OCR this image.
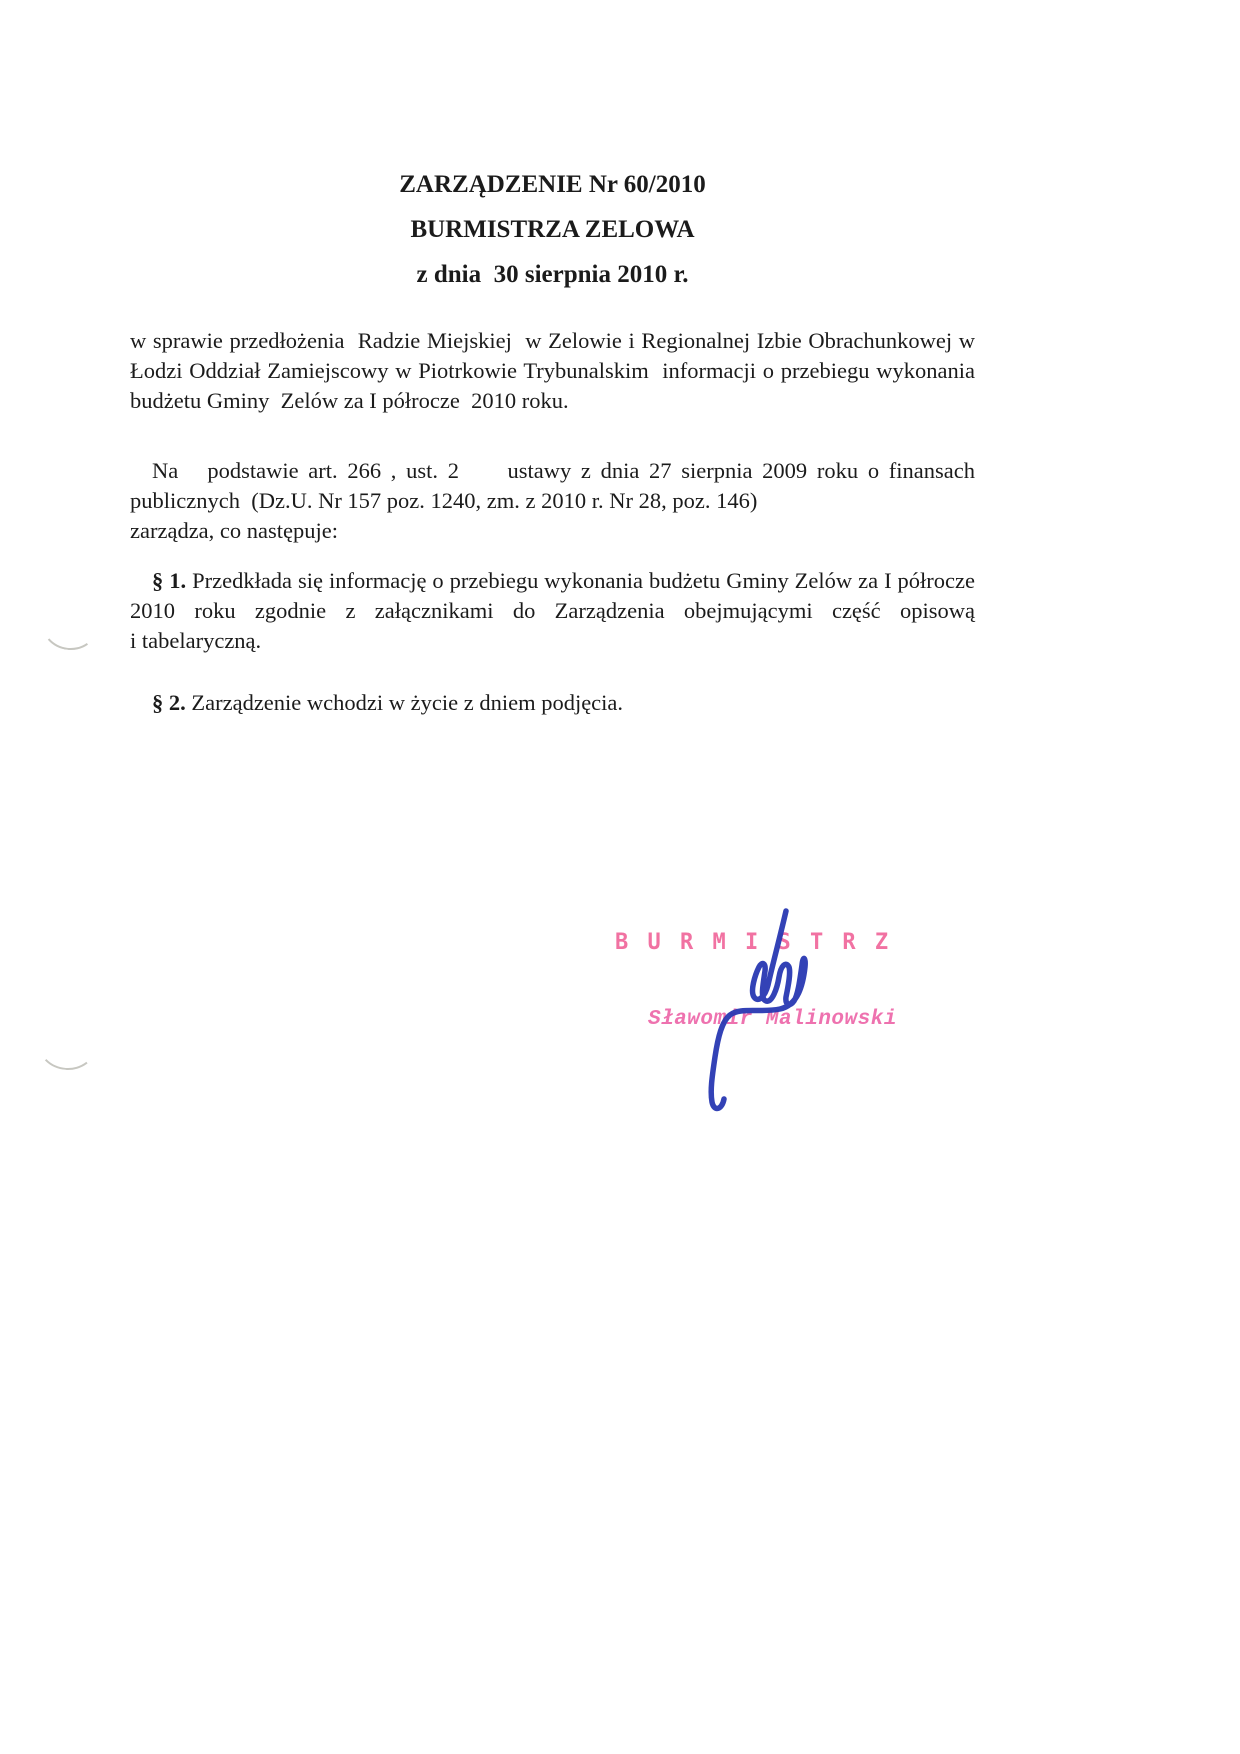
ZARZĄDZENIE Nr 60/2010
BURMISTRZA ZELOWA
z dnia  30 sierpnia 2010 r.
w sprawie przedłożenia  Radzie Miejskiej  w Zelowie i Regionalnej Izbie Obrachunkowej w
Łodzi Oddział Zamiejscowy w Piotrkowie Trybunalskim  informacji o przebiegu wykonania
budżetu Gminy  Zelów za I półrocze  2010 roku.
Na   podstawie art. 266 , ust. 2     ustawy z dnia 27 sierpnia 2009 roku o finansach
publicznych  (Dz.U. Nr 157 poz. 1240, zm. z 2010 r. Nr 28, poz. 146)
zarządza, co następuje:
§ 1. Przedkłada się informację o przebiegu wykonania budżetu Gminy Zelów za I półrocze
2010 roku zgodnie z załącznikami do Zarządzenia obejmującymi część opisową
i tabelaryczną.
§ 2. Zarządzenie wchodzi w życie z dniem podjęcia.
B U R M I S T R Z
Sławomir Malinowski
